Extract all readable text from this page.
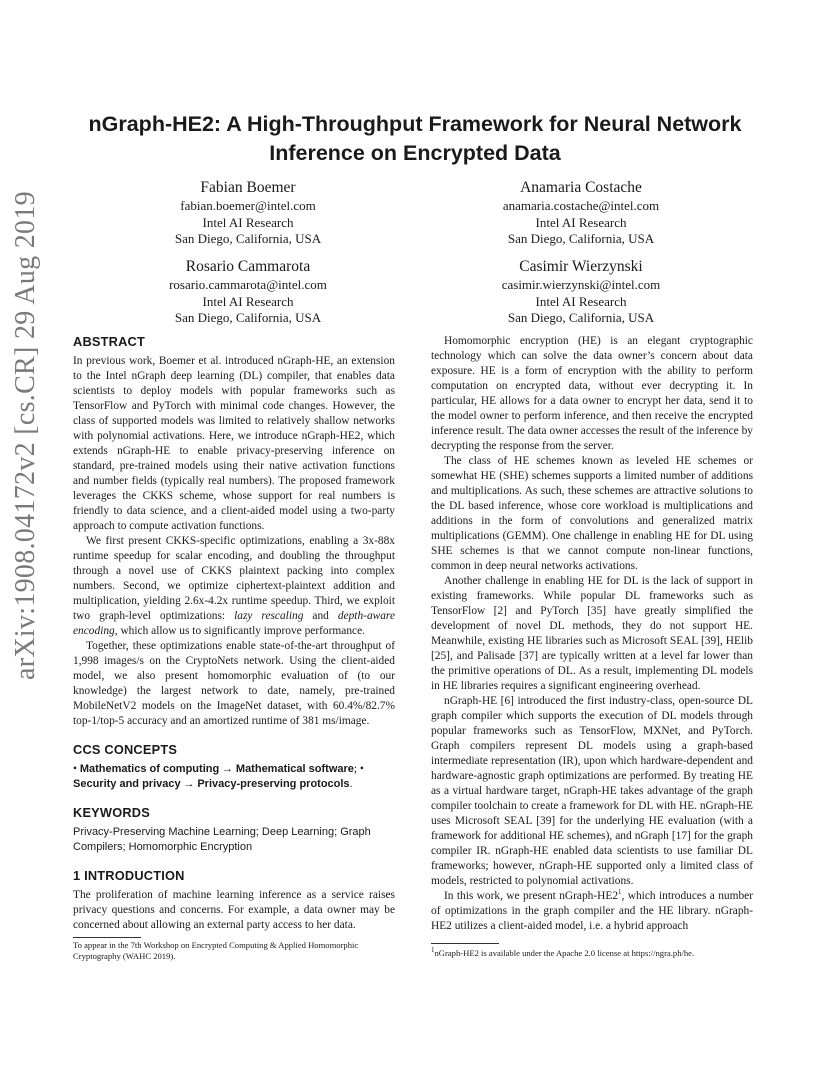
arXiv:1908.04172v2 [cs.CR] 29 Aug 2019
nGraph-HE2: A High-Throughput Framework for Neural Network Inference on Encrypted Data
Fabian Boemer
fabian.boemer@intel.com
Intel AI Research
San Diego, California, USA
Anamaria Costache
anamaria.costache@intel.com
Intel AI Research
San Diego, California, USA
Rosario Cammarota
rosario.cammarota@intel.com
Intel AI Research
San Diego, California, USA
Casimir Wierzynski
casimir.wierzynski@intel.com
Intel AI Research
San Diego, California, USA
ABSTRACT

In previous work, Boemer et al. introduced nGraph-HE, an extension to the Intel nGraph deep learning (DL) compiler, that enables data scientists to deploy models with popular frameworks such as TensorFlow and PyTorch with minimal code changes. However, the class of supported models was limited to relatively shallow networks with polynomial activations. Here, we introduce nGraph-HE2, which extends nGraph-HE to enable privacy-preserving inference on standard, pre-trained models using their native activation functions and number fields (typically real numbers). The proposed framework leverages the CKKS scheme, whose support for real numbers is friendly to data science, and a client-aided model using a two-party approach to compute activation functions.

We first present CKKS-specific optimizations, enabling a 3x-88x runtime speedup for scalar encoding, and doubling the throughput through a novel use of CKKS plaintext packing into complex numbers. Second, we optimize ciphertext-plaintext addition and multiplication, yielding 2.6x-4.2x runtime speedup. Third, we exploit two graph-level optimizations: lazy rescaling and depth-aware encoding, which allow us to significantly improve performance.

Together, these optimizations enable state-of-the-art throughput of 1,998 images/s on the CryptoNets network. Using the client-aided model, we also present homomorphic evaluation of (to our knowledge) the largest network to date, namely, pre-trained MobileNetV2 models on the ImageNet dataset, with 60.4%/82.7% top-1/top-5 accuracy and an amortized runtime of 381 ms/image.

CCS CONCEPTS

• Mathematics of computing → Mathematical software; • Security and privacy → Privacy-preserving protocols.

KEYWORDS

Privacy-Preserving Machine Learning; Deep Learning; Graph Compilers; Homomorphic Encryption

1 INTRODUCTION

The proliferation of machine learning inference as a service raises privacy questions and concerns. For example, a data owner may be concerned about allowing an external party access to her data.

To appear in the 7th Workshop on Encrypted Computing & Applied Homomorphic Cryptography (WAHC 2019).

Homomorphic encryption (HE) is an elegant cryptographic technology which can solve the data owner’s concern about data exposure. HE is a form of encryption with the ability to perform computation on encrypted data, without ever decrypting it. In particular, HE allows for a data owner to encrypt her data, send it to the model owner to perform inference, and then receive the encrypted inference result. The data owner accesses the result of the inference by decrypting the response from the server.

The class of HE schemes known as leveled HE schemes or somewhat HE (SHE) schemes supports a limited number of additions and multiplications. As such, these schemes are attractive solutions to the DL based inference, whose core workload is multiplications and additions in the form of convolutions and generalized matrix multiplications (GEMM). One challenge in enabling HE for DL using SHE schemes is that we cannot compute non-linear functions, common in deep neural networks activations.

Another challenge in enabling HE for DL is the lack of support in existing frameworks. While popular DL frameworks such as TensorFlow [2] and PyTorch [35] have greatly simplified the development of novel DL methods, they do not support HE. Meanwhile, existing HE libraries such as Microsoft SEAL [39], HElib [25], and Palisade [37] are typically written at a level far lower than the primitive operations of DL. As a result, implementing DL models in HE libraries requires a significant engineering overhead.

nGraph-HE [6] introduced the first industry-class, open-source DL graph compiler which supports the execution of DL models through popular frameworks such as TensorFlow, MXNet, and PyTorch. Graph compilers represent DL models using a graph-based intermediate representation (IR), upon which hardware-dependent and hardware-agnostic graph optimizations are performed. By treating HE as a virtual hardware target, nGraph-HE takes advantage of the graph compiler toolchain to create a framework for DL with HE. nGraph-HE uses Microsoft SEAL [39] for the underlying HE evaluation (with a framework for additional HE schemes), and nGraph [17] for the graph compiler IR. nGraph-HE enabled data scientists to use familiar DL frameworks; however, nGraph-HE supported only a limited class of models, restricted to polynomial activations.

In this work, we present nGraph-$HE2^1$, which introduces a number of optimizations in the graph compiler and the HE library. nGraph-HE2 utilizes a client-aided model, i.e. a hybrid approach

$^1$nGraph-HE2 is available under the Apache 2.0 license at https://ngra.ph/he.
